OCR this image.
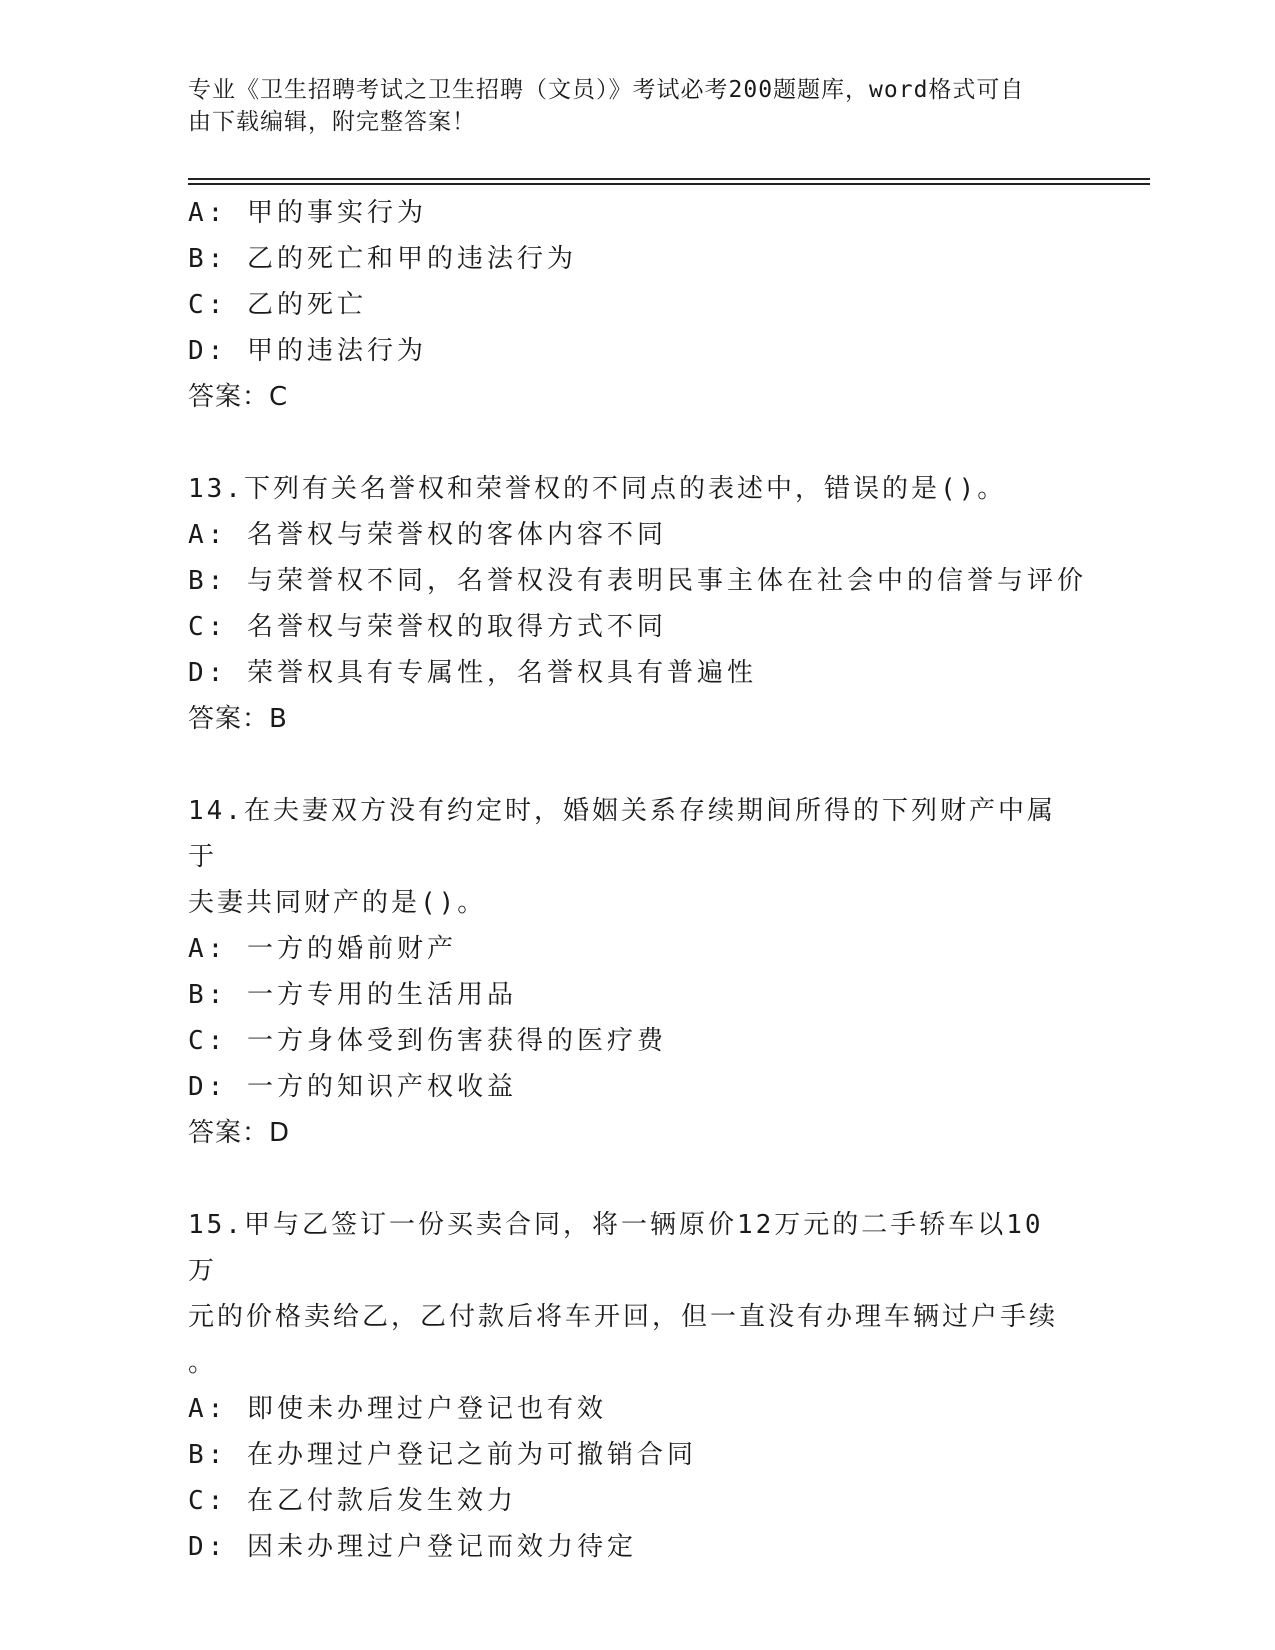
专业《卫生招聘考试之卫生招聘（文员）》考试必考200题题库，word格式可自
由下载编辑，附完整答案！
A: 甲的事实行为
B: 乙的死亡和甲的违法行为
C: 乙的死亡
D: 甲的违法行为
答案：C
13.下列有关名誉权和荣誉权的不同点的表述中，错误的是()。
A: 名誉权与荣誉权的客体内容不同
B: 与荣誉权不同，名誉权没有表明民事主体在社会中的信誉与评价
C: 名誉权与荣誉权的取得方式不同
D: 荣誉权具有专属性，名誉权具有普遍性
答案：B
14.在夫妻双方没有约定时，婚姻关系存续期间所得的下列财产中属于
夫妻共同财产的是()。
A: 一方的婚前财产
B: 一方专用的生活用品
C: 一方身体受到伤害获得的医疗费
D: 一方的知识产权收益
答案：D
15.甲与乙签订一份买卖合同，将一辆原价12万元的二手轿车以10万
元的价格卖给乙，乙付款后将车开回，但一直没有办理车辆过户手续
。
A: 即使未办理过户登记也有效
B: 在办理过户登记之前为可撤销合同
C: 在乙付款后发生效力
D: 因未办理过户登记而效力待定
